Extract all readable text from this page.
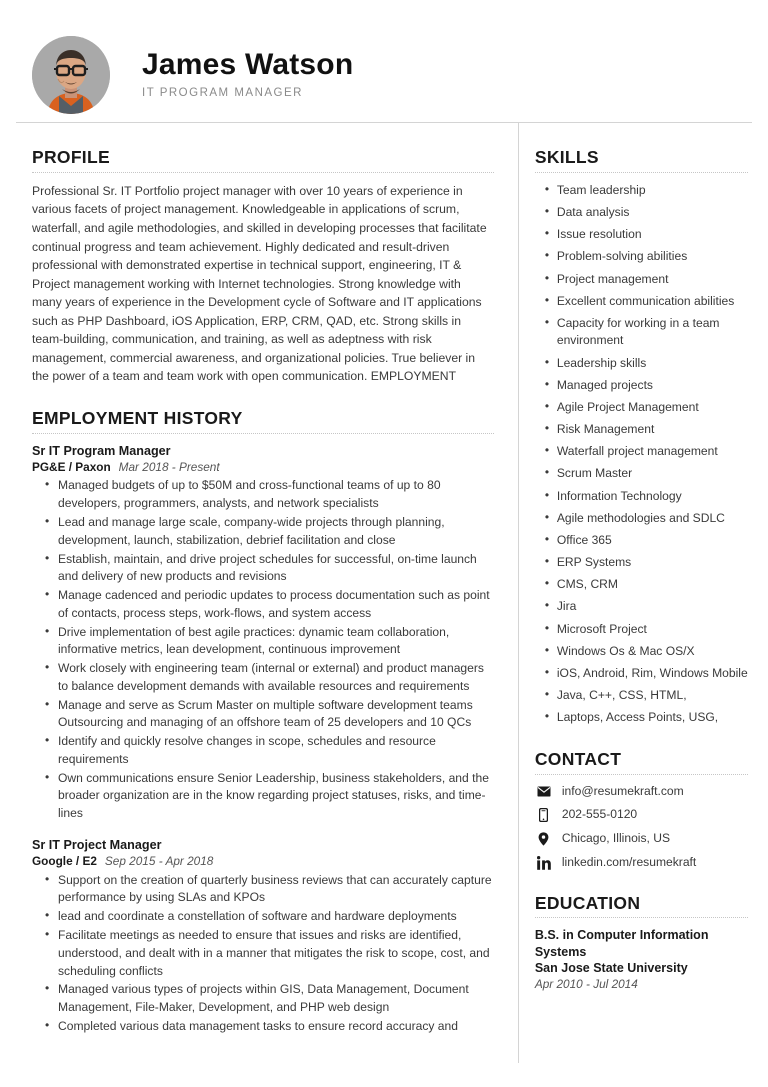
James Watson
IT PROGRAM MANAGER
PROFILE

Professional Sr. IT Portfolio project manager with over 10 years of experience in various facets of project management. Knowledgeable in applications of scrum, waterfall, and agile methodologies, and skilled in developing processes that facilitate continual progress and team achievement. Highly dedicated and result-driven professional with demonstrated expertise in technical support, engineering, IT & Project management working with Internet technologies. Strong knowledge with many years of experience in the Development cycle of Software and IT applications such as PHP Dashboard, iOS Application, ERP, CRM, QAD, etc. Strong skills in team-building, communication, and training, as well as adeptness with risk management, commercial awareness, and organizational policies. True believer in the power of a team and team work with open communication. EMPLOYMENT

EMPLOYMENT HISTORY
Sr IT Program Manager
PG&E / Paxon Mar 2018 - Present
• Managed budgets of up to $50M and cross-functional teams of up to 80 developers, programmers, analysts, and network specialists
• Lead and manage large scale, company-wide projects through planning, development, launch, stabilization, debrief facilitation and close
• Establish, maintain, and drive project schedules for successful, on-time launch and delivery of new products and revisions
• Manage cadenced and periodic updates to process documentation such as point of contacts, process steps, work-flows, and system access
• Drive implementation of best agile practices: dynamic team collaboration, informative metrics, lean development, continuous improvement
• Work closely with engineering team (internal or external) and product managers to balance development demands with available resources and requirements
• Manage and serve as Scrum Master on multiple software development teams Outsourcing and managing of an offshore team of 25 developers and 10 QCs
• Identify and quickly resolve changes in scope, schedules and resource requirements
• Own communications ensure Senior Leadership, business stakeholders, and the broader organization are in the know regarding project statuses, risks, and time-lines
Sr IT Project Manager
Google / E2 Sep 2015 - Apr 2018
• Support on the creation of quarterly business reviews that can accurately capture performance by using SLAs and KPOs
• lead and coordinate a constellation of software and hardware deployments
• Facilitate meetings as needed to ensure that issues and risks are identified, understood, and dealt with in a manner that mitigates the risk to scope, cost, and scheduling conflicts
• Managed various types of projects within GIS, Data Management, Document Management, File-Maker, Development, and PHP web design
• Completed various data management tasks to ensure record accuracy and
SKILLS
• Team leadership
• Data analysis
• Issue resolution
• Problem-solving abilities
• Project management
• Excellent communication abilities
• Capacity for working in a team environment
• Leadership skills
• Managed projects
• Agile Project Management
• Risk Management
• Waterfall project management
• Scrum Master
• Information Technology
• Agile methodologies and SDLC
• Office 365
• ERP Systems
• CMS, CRM
• Jira
• Microsoft Project
• Windows Os & Mac OS/X
• iOS, Android, Rim, Windows Mobile
• Java, C++, CSS, HTML,
• Laptops, Access Points, USG,
CONTACT
info@resumekraft.com
202-555-0120
Chicago, Illinois, US
linkedin.com/resumekraft
EDUCATION
B.S. in Computer Information Systems
San Jose State University
Apr 2010 - Jul 2014
